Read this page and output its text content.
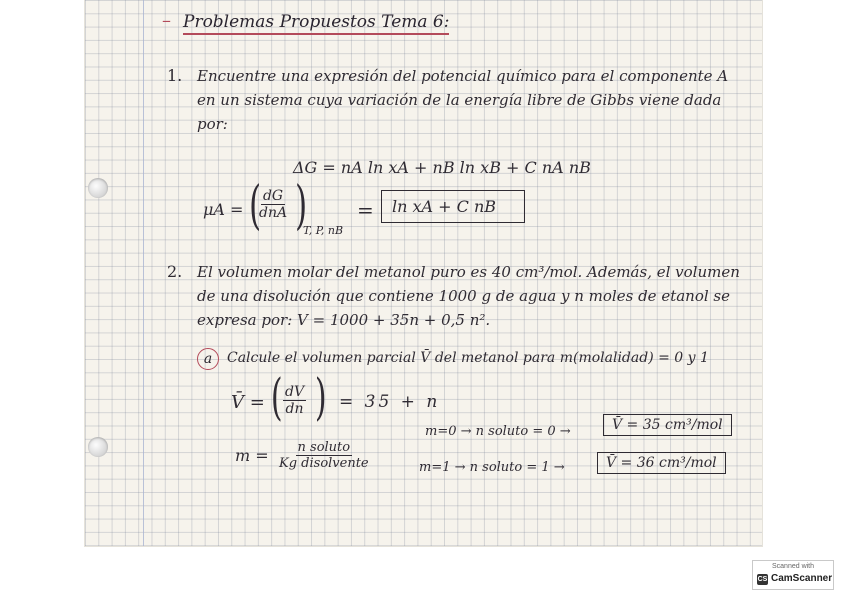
– Problemas Propuestos Tema 6:
1. Encuentre una expresión del potencial químico para el componente A en un sistema cuya variación de la energía libre de Gibbs viene dada por:
ΔG = nA ln xA + nB ln xB + C nA nB
μA = ( dG
dnA )
T, P, nB
=	ln xA + C nB
2. El volumen molar del metanol puro es 40 cm³/mol. Además, el volumen de una disolución que contiene 1000 g de agua y n moles de etanol se expresa por: V = 1000 + 35n + 0,5 n².
a	Calcule el volumen parcial V̄ del metanol para m(molalidad) = 0 y 1
V̄ = ( $\frac{dV}{dn}$ ) = 35 + n
m = n soluto
Kg disolvente
m=0 → n soluto = 0 →	V̄ = 35 cm³/mol
m=1 → n soluto = 1 →	V̄ = 36 cm³/mol
Scanned with
CS CamScanner
